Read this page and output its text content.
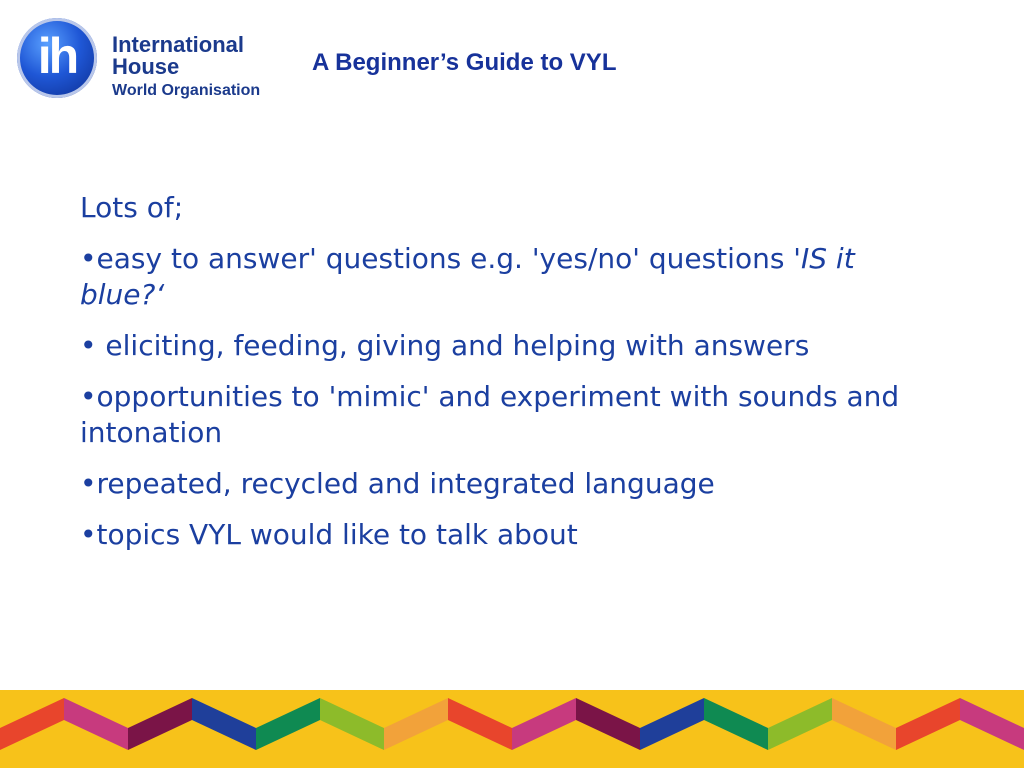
ih	International
House
World Organisation
A Beginner’s Guide to VYL

Lots of;

•easy to answer' questions e.g. 'yes/no' questions 'IS it blue?‘

• eliciting, feeding, giving and helping with answers

•opportunities to 'mimic' and experiment with sounds and intonation

•repeated, recycled and integrated language

•topics VYL would like to talk about
